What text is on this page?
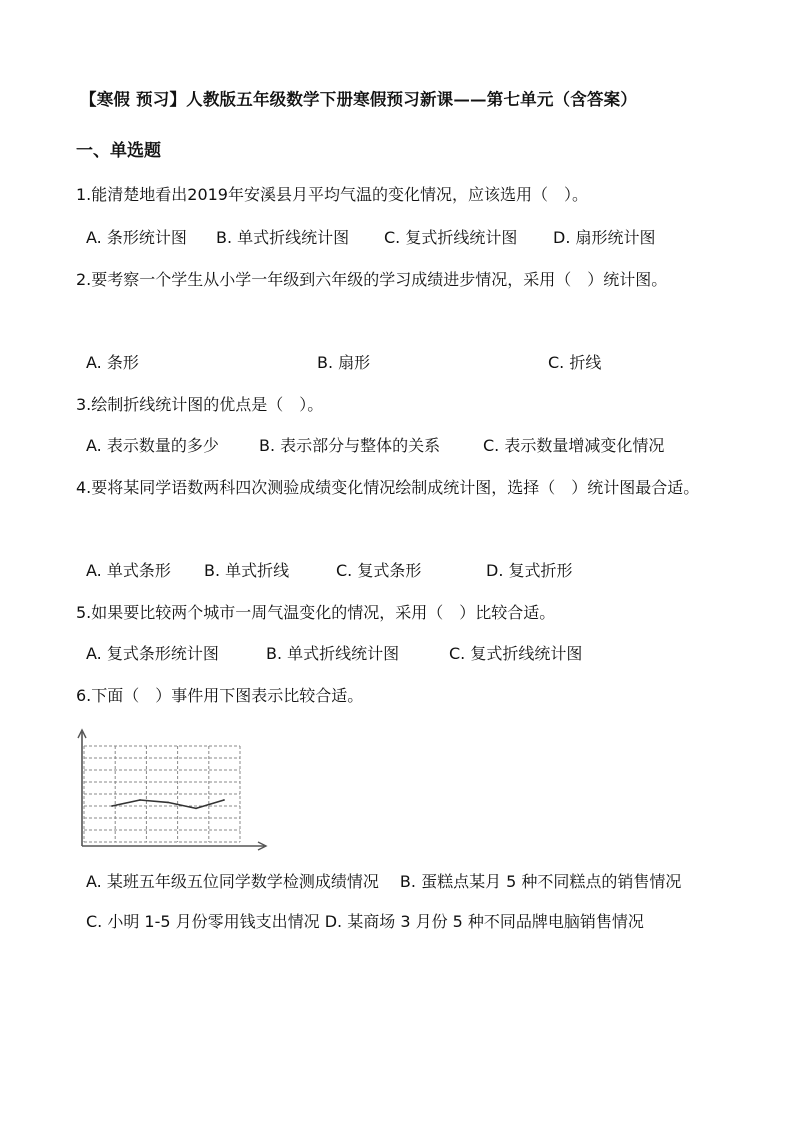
【寒假 预习】人教版五年级数学下册寒假预习新课——第七单元（含答案）
一、单选题
1.能清楚地看出2019年安溪县月平均气温的变化情况，应该选用（　）。
A. 条形统计图 B. 单式折线统计图 C. 复式折线统计图 D. 扇形统计图
2.要考察一个学生从小学一年级到六年级的学习成绩进步情况，采用（　）统计图。
A. 条形	B. 扇形	C. 折线
3.绘制折线统计图的优点是（　）。
A. 表示数量的多少	B. 表示部分与整体的关系	C. 表示数量增减变化情况
4.要将某同学语数两科四次测验成绩变化情况绘制成统计图，选择（　）统计图最合适。
A. 单式条形 B. 单式折线	C. 复式条形	D. 复式折形
5.如果要比较两个城市一周气温变化的情况，采用（　）比较合适。
A. 复式条形统计图	B. 单式折线统计图	C. 复式折线统计图
6.下面（　）事件用下图表示比较合适。
A. 某班五年级五位同学数学检测成绩情况　 B. 蛋糕点某月 5 种不同糕点的销售情况
C. 小明 1-5 月份零用钱支出情况 D. 某商场 3 月份 5 种不同品牌电脑销售情况
